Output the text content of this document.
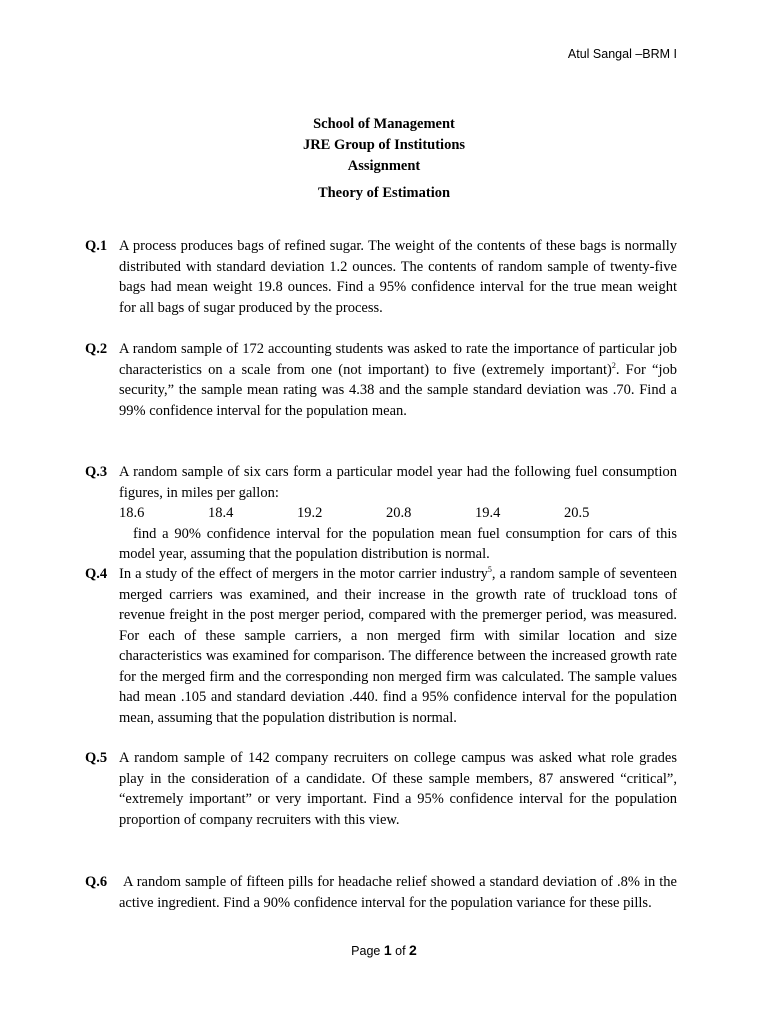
Atul Sangal –BRM I
School of Management
JRE Group of Institutions
Assignment
Theory of Estimation
Q.1 A process produces bags of refined sugar. The weight of the contents of these bags is normally distributed with standard deviation 1.2 ounces. The contents of random sample of twenty-five bags had mean weight 19.8 ounces. Find a 95% confidence interval for the true mean weight for all bags of sugar produced by the process.
Q.2 A random sample of 172 accounting students was asked to rate the importance of particular job characteristics on a scale from one (not important) to five (extremely important)$^2$. For “job security,” the sample mean rating was 4.38 and the sample standard deviation was .70. Find a 99% confidence interval for the population mean.
Q.3 A random sample of six cars form a particular model year had the following fuel consumption figures, in miles per gallon:
18.6	18.4	19.2	20.8	19.4	20.5
find a 90% confidence interval for the population mean fuel consumption for cars of this model year, assuming that the population distribution is normal.
Q.4 In a study of the effect of mergers in the motor carrier industry$^5$, a random sample of seventeen merged carriers was examined, and their increase in the growth rate of truckload tons of revenue freight in the post merger period, compared with the premerger period, was measured. For each of these sample carriers, a non merged firm with similar location and size characteristics was examined for comparison. The difference between the increased growth rate for the merged firm and the corresponding non merged firm was calculated. The sample values had mean .105 and standard deviation .440. find a 95% confidence interval for the population mean, assuming that the population distribution is normal.
Q.5 A random sample of 142 company recruiters on college campus was asked what role grades play in the consideration of a candidate. Of these sample members, 87 answered “critical”, “extremely important” or very important. Find a 95% confidence interval for the population proportion of company recruiters with this view.
Q.6 A random sample of fifteen pills for headache relief showed a standard deviation of .8% in the active ingredient. Find a 90% confidence interval for the population variance for these pills.
Page 1 of 2
